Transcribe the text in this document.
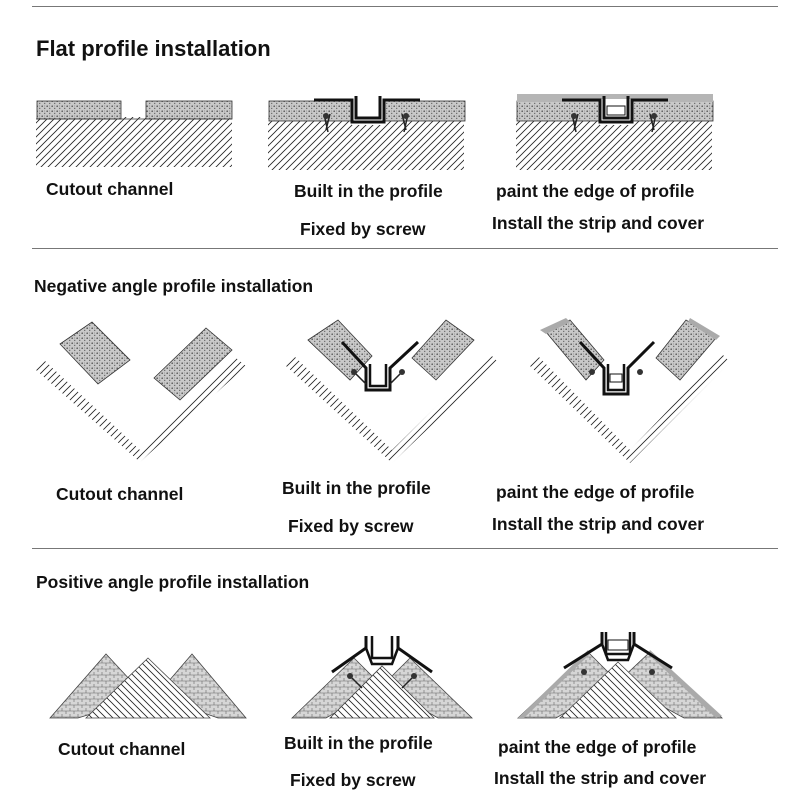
Flat profile installation
Cutout channel	Built in the profile
Fixed by screw
paint the edge of profile
Install the strip and cover
Negative angle profile installation
Cutout channel	Built in the profile
Fixed by screw
paint the edge of profile
Install the strip and cover
Positive angle profile installation
Cutout channel	Built in the profile
Fixed by screw
paint the edge of profile
Install the strip and cover
